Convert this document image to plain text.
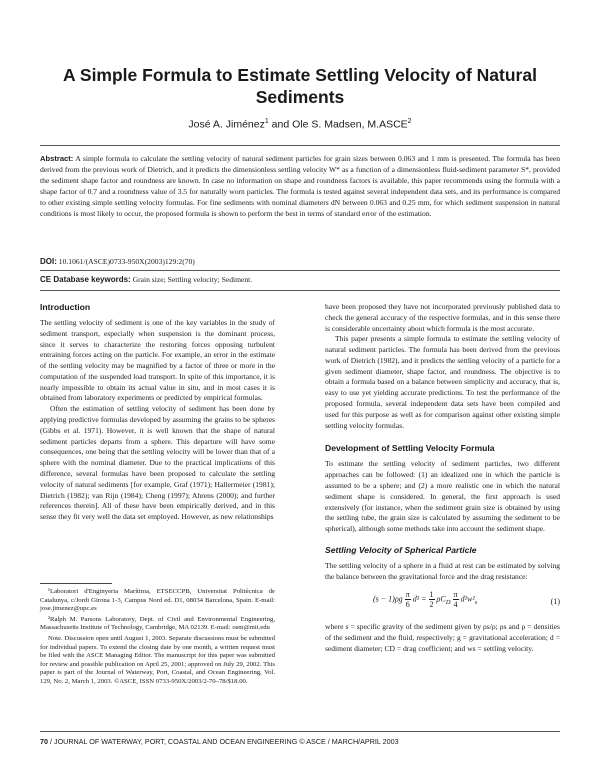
A Simple Formula to Estimate Settling Velocity of Natural Sediments
José A. Jiménez$^1$ and Ole S. Madsen, M.ASCE$^2$
Abstract: A simple formula to calculate the settling velocity of natural sediment particles for grain sizes between 0.063 and 1 mm is presented. The formula has been derived from the previous work of Dietrich, and it predicts the dimensionless settling velocity W* as a function of a dimensionless fluid-sediment parameter S*, provided the sediment shape factor and roundness are known. In case no information on shape and roundness factors is available, this paper recommends using the formula with a shape factor of 0.7 and a roundness value of 3.5 for naturally worn particles. The formula is tested against several independent data sets, and its performance is compared to other existing simple settling velocity formulas. For fine sediments with nominal diameters dN between 0.063 and 0.25 mm, for which sediment suspension in natural conditions is most likely to occur, the proposed formula is shown to perform the best in terms of standard error of the estimation.
DOI: 10.1061/(ASCE)0733-950X(2003)129:2(70)
CE Database keywords: Grain size; Settling velocity; Sediment.
Introduction

The settling velocity of sediment is one of the key variables in the study of sediment transport, especially when suspension is the dominant process, since it serves to characterize the restoring forces opposing turbulent entraining forces acting on the particle. For example, an error in the estimate of the settling velocity may be magnified by a factor of three or more in the computation of the suspended load transport. In spite of this importance, it is nearly impossible to obtain its actual value in situ, and in most cases it is obtained from laboratory experiments or predicted by empirical formulas.

Often the estimation of settling velocity of sediment has been done by applying predictive formulas developed by assuming the grains to be spheres (Gibbs et al. 1971). However, it is well known that the shape of natural sediment particles departs from a sphere. This departure will have some consequences, one being that the settling velocity will be lower than that of a sphere with the nominal diameter. Due to the practical implications of this difference, several formulas have been proposed to calculate the settling velocity of natural sediments [for example, Graf (1971); Hallermeier (1981); Dietrich (1982); van Rijn (1984); Cheng (1997); Ahrens (2000); and further references therein]. All of these have been empirically derived, and in this sense they fit very well the data set employed. However, as new relationships

¹Laboratori d'Enginyeria Marítima, ETSECCPB, Universitat Politècnica de Catalunya, c/Jordi Girona 1-3, Campus Nord ed. D1, 08034 Barcelona, Spain. E-mail: jose.jimenez@upc.es

²Ralph M. Parsons Laboratory, Dept. of Civil and Environmental Engineering, Massachusetts Institute of Technology, Cambridge, MA 02139. E-mail: osm@mit.edu

Note. Discussion open until August 1, 2003. Separate discussions must be submitted for individual papers. To extend the closing date by one month, a written request must be filed with the ASCE Managing Editor. The manuscript for this paper was submitted for review and possible publication on April 25, 2001; approved on July 29, 2002. This paper is part of the Journal of Waterway, Port, Coastal, and Ocean Engineering, Vol. 129, No. 2, March 1, 2003. ©ASCE, ISSN 0733-950X/2003/2-70–78/$18.00.

have been proposed they have not incorporated previously published data to check the general accuracy of the respective formulas, and in this sense there is considerable uncertainty about which formula is the most accurate.

This paper presents a simple formula to estimate the settling velocity of natural sediment particles. The formula has been derived from the previous work of Dietrich (1982), and it predicts the settling velocity of a particle for a given sediment diameter, shape factor, and roundness. The objective is to obtain a formula based on a balance between simplicity and accuracy, that is, easy to use yet yielding accurate predictions. To test the performance of the proposed formula, several independent data sets have been compiled and used for this purpose as well as for comparison against other existing simple settling velocity formulas.

Development of Settling Velocity Formula

To estimate the settling velocity of sediment particles, two different approaches can be followed: (1) an idealized one in which the particle is assumed to be a sphere; and (2) a more realistic one in which the natural sediment shape is considered. In general, the first approach is used extensively (for instance, when the sediment grain size is obtained by using the settling tube, the grain size is calculated by assuming the sediment to be spherical), although some methods take into account the sediment shape.

Settling Velocity of Spherical Particle

The settling velocity of a sphere in a fluid at rest can be estimated by solving the balance between the gravitational force and the drag resistance:

$(s - 1)\rho g \frac{\pi}{6} d^3 = \frac{1}{2} \rho C_D \frac{\pi}{4} d^2w^2_s$	(1)

where s = specific gravity of the sediment given by ρs/ρ; ρs and ρ = densities of the sediment and the fluid, respectively; g = gravitational acceleration; d = sediment diameter; CD = drag coefficient; and ws = settling velocity.

70 / JOURNAL OF WATERWAY, PORT, COASTAL AND OCEAN ENGINEERING © ASCE / MARCH/APRIL 2003
